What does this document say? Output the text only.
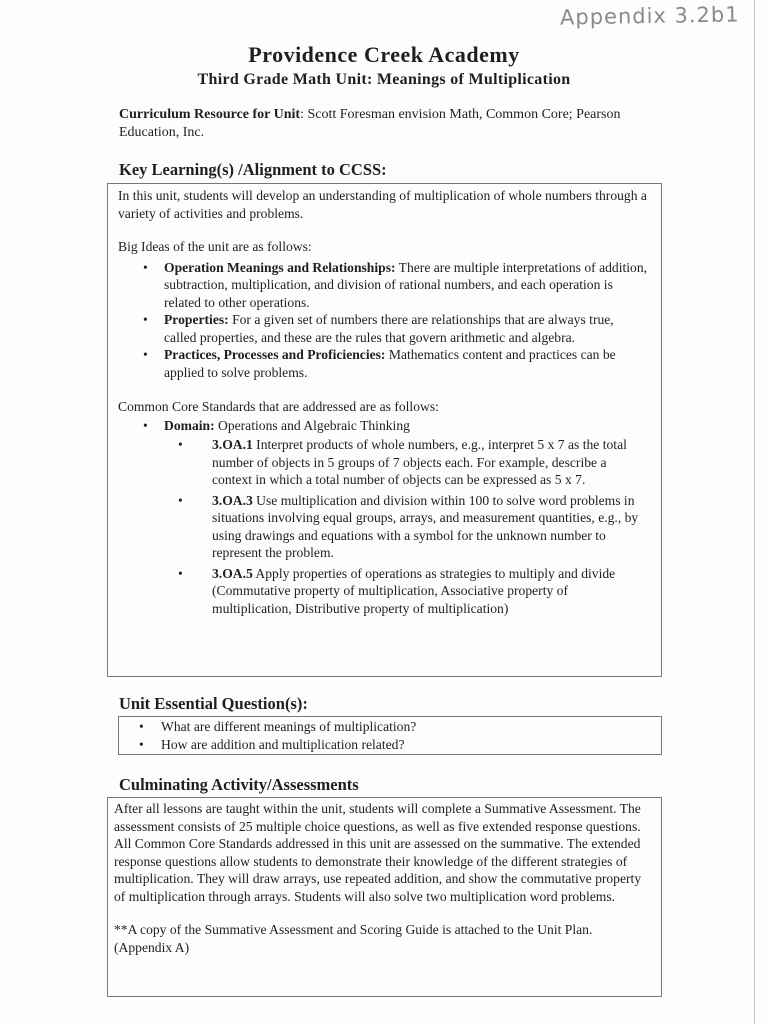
Appendix 3.2b1
Providence Creek Academy
Third Grade Math Unit: Meanings of Multiplication
Curriculum Resource for Unit: Scott Foresman envision Math, Common Core; Pearson Education, Inc.
Key Learning(s) /Alignment to CCSS:
In this unit, students will develop an understanding of multiplication of whole numbers through a variety of activities and problems.
Big Ideas of the unit are as follows:
• Operation Meanings and Relationships: There are multiple interpretations of addition, subtraction, multiplication, and division of rational numbers, and each operation is related to other operations.
• Properties: For a given set of numbers there are relationships that are always true, called properties, and these are the rules that govern arithmetic and algebra.
• Practices, Processes and Proficiencies: Mathematics content and practices can be applied to solve problems.
Common Core Standards that are addressed are as follows:
• Domain: Operations and Algebraic Thinking
• 3.OA.1 Interpret products of whole numbers, e.g., interpret 5 x 7 as the total number of objects in 5 groups of 7 objects each. For example, describe a context in which a total number of objects can be expressed as 5 x 7.
• 3.OA.3 Use multiplication and division within 100 to solve word problems in situations involving equal groups, arrays, and measurement quantities, e.g., by using drawings and equations with a symbol for the unknown number to represent the problem.
• 3.OA.5 Apply properties of operations as strategies to multiply and divide (Commutative property of multiplication, Associative property of multiplication, Distributive property of multiplication)
Unit Essential Question(s):
• What are different meanings of multiplication?
• How are addition and multiplication related?
Culminating Activity/Assessments
After all lessons are taught within the unit, students will complete a Summative Assessment. The assessment consists of 25 multiple choice questions, as well as five extended response questions. All Common Core Standards addressed in this unit are assessed on the summative. The extended response questions allow students to demonstrate their knowledge of the different strategies of multiplication. They will draw arrays, use repeated addition, and show the commutative property of multiplication through arrays. Students will also solve two multiplication word problems.
**A copy of the Summative Assessment and Scoring Guide is attached to the Unit Plan. (Appendix A)
